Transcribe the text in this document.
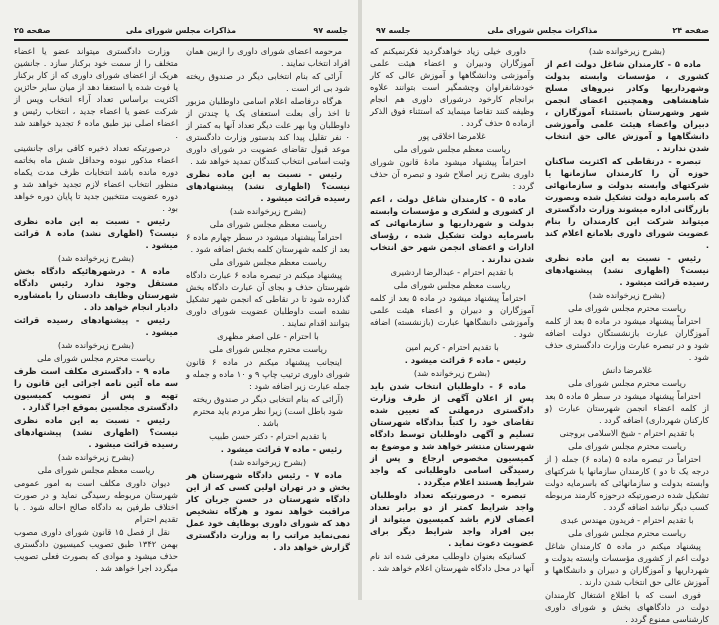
جلسه ۹۷
مذاکرات مجلس شورای ملی
صفحه ۲۵

مرحومه اعضای شورای داوری را ازبین همان افراد انتخاب نمایند .

آرائی که بنام انتخابی دیگر در صندوق ریخته شود بی اثر است .

هرگاه درفاصله اعلام اسامی داوطلبان مزبور تا اخذ رأی بعلت استعفای یک یا چندتن از داوطلبان ویا بهر علت دیگر تعداد آنها به کمتر از ۰ نفر تقلیل پیدا کند بدستور وزارت دادگستری موعد قبول تقاضای عضویت در شورای داوری وثبت اسامی انتخاب کنندگان تمدید خواهد شد .

رئیس - نسبت به این ماده نظری نیست؟ (اظهاری نشد) پیشنهادهای رسیده قرائت میشود .

(بشرح زیرخوانده شد)

ریاست معظم مجلس شورای ملی

احتراماً پیشنهاد میشود در سطر چهارم ماده ۶ بعد از کلمه شهرستان کلمه بخش اضافه شود .

ریاست معظم مجلس شورای ملی

پیشنهاد میکنم در تبصره ماده ۶ عبارت دادگاه شهرستان حذف و بجای آن عبارت دادگاه بخش گذارده شود تا در نقاطی که انجمن شهر تشکیل نشده است داوطلبان عضویت شورای داوری بتوانند اقدام نمایند .

با احترام - علی اصغر مظهری

ریاست محترم مجلس شورای ملی

اینجانب پیشنهاد میکنم در ماده ۶ قانون شورای داوری ترتیب چاپ ۹ و ۱۰ ماده و جمله و جمله عبارت زیر اضافه شود :

(آرائی که بنام انتخابی دیگر در صندوق ریخته شود باطل است) زیرا نظر مردم باید محترم باشد .

با تقدیم احترام - دکتر حسن طبیب

رئیس - ماده ۷ قرائت میشود .

(بشرح زیرخوانده شد)

ماده ۷ - رئیس دادگاه شهرستان هر بخش و در تهران اولین کسی که از این دادگاه شهرستان در حسن جریان کار مراقبت خواهد نمود و هرگاه تشخیص دهد که شورای داوری بوظایف خود عمل نمی‌نماید مراتب را به وزارت دادگستری گزارش خواهد داد .

وزارت دادگستری میتواند عضو یا اعضاء متخلف را از سمت خود برکنار سازد . جانشین هریک از اعضای شورای داوری که از کار برکنار یا فوت شده یا استعفا دهد از میان سایر حائزین اکثریت براساس تعداد آراء انتخاب وپس از شرکت عضو یا اعضاء جدید ، انتخاب رئیس و اعضاء اصلی نیز طبق ماده ۶ تجدید خواهند شد .

درصورتیکه تعداد ذخیره کافی برای جانشینی اعضاء مذکور نبوده وحداقل شش ماه بخاتمه دوره مانده باشد انتخابات ظرف مدت یکماه منظور انتخاب اعضاء لازم تجدید خواهد شد و دوره عضویت منتخبین جدید تا پایان دوره خواهد بود .

رئیس - نسبت به این ماده نظری نیست؟ (اظهاری نشد) ماده ۸ قرائت میشود .

(بشرح زیرخوانده شد)

ماده ۸ - درشهرهائیکه دادگاه بخش مستقل وجود ندارد رئیس دادگاه شهرستان وظایف دادستان را بامشاوره دادیار انجام خواهد داد .

رئیس - پیشنهادهای رسیده قرائت میشود .

(بشرح زیرخوانده شد)

ریاست محترم مجلس شورای ملی

ماده ۹ - دادگستری مکلف است ظرف سه ماه آئین نامه اجرائی این قانون را تهیه و پس از تصویب کمیسیون دادگستری مجلسین بموقع اجرا گذارد .

رئیس - نسبت به این ماده نظری نیست؟ (اظهاری نشد) پیشنهادهای رسیده قرائت میشود .

(بشرح زیرخوانده شد)

ریاست معظم مجلس شورای ملی

دیوان داوری مکلف است به امور عمومی شهرستان مربوطه رسیدگی نماید و در صورت اختلاف طرفین به دادگاه صالح احاله شود . با تقدیم احترام

نقل از فصل ۱۵ قانون شورای داوری مصوب بهمن ۱۳۴۲ طبق تصویب کمیسیون دادگستری حذف میشود و موادی که بصورت فعلی تصویب میگردد اجرا خواهد شد .

صفحه ۲۴
مذاکرات مجلس شورای ملی
جلسه ۹۷

(بشرح زیرخوانده شد)

ماده ۵ - کارمندان شاغل دولت اعم از کشوری ، مؤسسات وابسته بدولت وشهرداریها وکادر نیروهای مسلح شاهنشاهی وهمچنین اعضای انجمن شهر وشهرستان باستثناء آموزگاران ، دبیران واعضاء هیئت علمی وآموزشی دانشگاهها و آموزش عالی حق انتخاب شدن ندارند .

تبصره - درنقاطی که اکثریت ساکنان حوزه آن را کارمندان سازمانها یا شرکتهای وابسته بدولت و سازمانهائی که باسرمایه دولت تشکیل شده وبصورت بازرگانی اداره میشوند وزارت دادگستری میتواند شرکت این کارمندان را بنام عضویت شورای داوری بلامانع اعلام کند .

رئیس - نسبت به این ماده نظری نیست؟ (اظهاری نشد) پیشنهادهای رسیده قرائت میشود .

(بشرح زیرخوانده شد)

ریاست محترم مجلس شورای ملی

احتراماً پیشنهاد میشود در ماده ۵ بعد از کلمه آموزگاران عبارت بازنشستگان دولت اضافه شود و در تبصره عبارت وزارت دادگستری حذف شود .

غلامرضا دانش

ریاست محترم مجلس شورای ملی

احتراماً پیشنهاد میشود در سطر ۵ ماده ۵ بعد از کلمه اعضاء انجمن شهرستان عبارت (و کارکنان شهرداری) اضافه گردد .

با تقدیم احترام - شیخ الاسلامی بروجنی

ریاست محترم مجلس شورای ملی

احتراماً در تبصره ماده ۵ (ماده ۶) جمله ( از درجه یک تا دو ) کارمندان سازمانها یا شرکتهای وابسته بدولت و سازمانهائی که باسرمایه دولت تشکیل شده درصورتیکه درحوزه کارمند مربوطه کسب دیگر نباشد اضافه گردد .

با تقدیم احترام - فریدون مهندس عبدی

ریاست محترم مجلس شورای ملی

پیشنهاد میکنم در ماده ۵ کارمندان شاغل دولت اعم از کشوری مؤسسات وابسته بدولت و شهرداریها و آموزگاران و دبیران و دانشگاهها و آموزش عالی حق انتخاب شدن دارند .

فوری است که با اطلاع اشتغال کارمندان دولت در دادگاههای بخش و شورای داوری کارشناسی ممنوع گردد .

داوری خیلی زیاد خواهدگردید فکرنمیکنم که آموزگاران ودبیران و اعضاء هیئت علمی وآموزشی ودانشگاهها و آموزش عالی که کار خودشانفراوان وچشمگیر است بتوانند علاوه برانجام کارخود درشورای داوری هم انجام وظیفه کنند تقاضا مینماید که استثناء فوق الذکر ازماده ۵ حذف گردد .

غلامرضا اخلاقی پور

ریاست معظم مجلس شورای ملی

احتراماً پیشنهاد میشود مادهٔ قانون شورای داوری بشرح زیر اصلاح شود و تبصره آن حذف گردد :

ماده ۵ - کارمندان شاغل دولت ، اعم از کشوری و لشکری و مؤسسات وابسته بدولت و شهرداریها و سازمانهائی که باسرمایه دولت تشکیل شده ، رؤسای ادارات و اعضای انجمن شهر حق انتخاب شدن ندارند .

با تقدیم احترام - عبدالرضا اردشیری

ریاست معظم مجلس شورای ملی

احتراماً پیشنهاد میشود در ماده ۵ بعد از کلمه آموزگاران و دبیران و اعضاء هیئت علمی وآموزشی دانشگاهها عبارت (بازنشسته) اضافه شود .

با تقدیم احترام - کریم امین

رئیس - ماده ۶ قرائت میشود .

(بشرح زیرخوانده شد)

ماده ۶ - داوطلبان انتخاب شدن باید پس از اعلان آگهی از طرف وزارت دادگستری درمهلتی که تعیین شده تقاضای خود را کتباً بدادگاه شهرستان تسلیم و آگهی داوطلبان توسط دادگاه شهرستان منتشر خواهد شد و موضوع به کمیسیون مخصوص ارجاع و پس از رسیدگی اسامی داوطلبانی که واجد شرایط هستند اعلام میگردد .

تبصره - درصورتیکه تعداد داوطلبان واجد شرایط کمتر از دو برابر تعداد اعضای لازم باشد کمیسیون میتواند از بین افراد واجد شرایط دیگر برای عضویت دعوت نماید .

کسانیکه بعنوان داوطلب معرفی شده اند نام آنها در محل دادگاه شهرستان اعلام خواهد شد .
